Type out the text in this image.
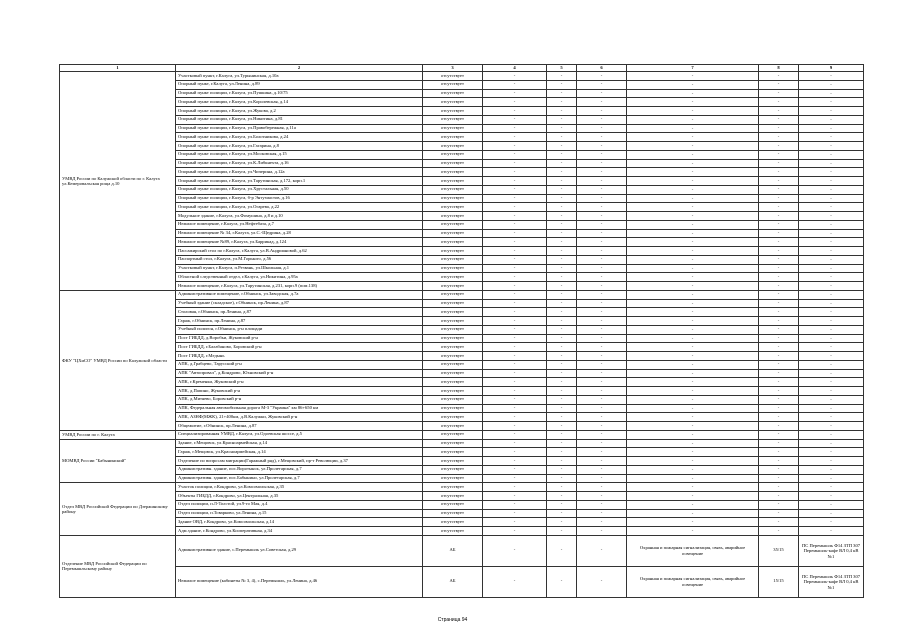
1	2	3	4	5	6	7	8	9
УМВД России по Калужской области по г. Калуга ул.Кемеровальская роща д.10	Участковый пункт, г.Калуга, ул.Турынинская, д.10а	отсутствует	-	-	-	-	-	-
	Опорный пункт, г.Калуга, ул.Ленина, д.89	отсутствует	-	-	-	-	-	-
	Опорный пункт полиции, г.Калуга, ул.Пушкина, д.10/75	отсутствует	-	-	-	-	-	-
	Опорный пункт полиции, г.Калуга, ул.Королевская, д.14	отсутствует	-	-	-	-	-	-
	Опорный пункт полиции, г.Калуга, ул.Жукова, д.2	отсутствует	-	-	-	-	-	-
	Опорный пункт полиции, г.Калуга, ул.Никитина, д.81	отсутствует	-	-	-	-	-	-
	Опорный пункт полиции, г.Калуга, ул.Правобережная, д.11а	отсутствует	-	-	-	-	-	-
	Опорный пункт полиции, г.Калуга, ул.Болотникова, д.24	отсутствует	-	-	-	-	-	-
	Опорный пункт полиции, г.Калуга, ул.Гагарина, д.8	отсутствует	-	-	-	-	-	-
	Опорный пункт полиции, г.Калуга, ул.Московская, д.15	отсутствует	-	-	-	-	-	-
	Опорный пункт полиции, г.Калуга, ул.К.Либкнехта, д.16	отсутствует	-	-	-	-	-	-
	Опорный пункт полиции, г.Калуга, ул.Чичерина, д.12а	отсутствует	-	-	-	-	-	-
	Опорный пункт полиции, г.Калуга, ул.Тарутинская, д.172, корп.1	отсутствует	-	-	-	-	-	-
	Опорный пункт полиции, г.Калуга, ул.Хрустальная, д.50	отсутствует	-	-	-	-	-	-
	Опорный пункт полиции, г.Калуга, б-р Энтузиастов, д.16	отсутствует	-	-	-	-	-	-
	Опорный пункт полиции, г.Калуга, ул.Огарева, д.22	отсутствует	-	-	-	-	-	-
	Модульное здание, г.Калуга, ул.Фомушина, д.8 и д.10	отсутствует	-	-	-	-	-	-
	Нежилое помещение, г.Калуга, ул.Нефтебаза, д.7	отсутствует	-	-	-	-	-	-
	Нежилое помещение № 34, г.Калуга, ул.С.-Щедрина, д.28	отсутствует	-	-	-	-	-	-
	Нежилое помещение №89, г.Калуга, ул.Баррикад, д.124	отсутствует	-	-	-	-	-	-
	Пассажирский стол по г.Калуга, г.Калуга, ул.В.Андриановой, д.62	отсутствует	-	-	-	-	-	-
	Паспортный стол, г.Калуга, ул.М.Горького, д.56	отсутствует	-	-	-	-	-	-
	Участковый пункт, г.Калуга, п.Резвань, ул.Школьная, д.1	отсутствует	-	-	-	-	-	-
	Областной следственный отдел, г.Калуга, ул.Никитина, д.95а	отсутствует	-	-	-	-	-	-
	Нежилое помещение, г.Калуга, ул.Тарутинская, д.231, корп.9 (пом.138)	отсутствует	-	-	-	-	-	-
ФКУ "ЦХиСО" УМВД России по Калужской области	Административное помещение, г.Обнинск, ул.Заводская, д.7а	отсутствует	-	-	-	-	-	-
	Учебный здание (складское), г.Обнинск, пр.Ленина, д.87	отсутствует	-	-	-	-	-	-
	Столовая, г.Обнинск, пр.Ленина, д.87	отсутствует	-	-	-	-	-	-
	Гараж, г.Обнинск, пр.Ленина, д.87	отсутствует	-	-	-	-	-	-
	Учебный полигон, г.Обнинск, р-н площади	отсутствует	-	-	-	-	-	-
	Пост ГИБДД, д.Воробьи, Жуковский р-н	отсутствует	-	-	-	-	-	-
	Пост ГИБДД, г.Балабаново, Боровский р-н	отсутствует	-	-	-	-	-	-
	Пост ГИБДД, г.Медынь	отсутствует	-	-	-	-	-	-
	АПК, д.Грабцево, Тарусский р-н	отсутствует	-	-	-	-	-	-
	АПК "Автопровал", д.Кондрово, Юхновский р-н	отсутствует	-	-	-	-	-	-
	АПК, г.Кременки, Жуковский р-н	отсутствует	-	-	-	-	-	-
	АПК, д.Папино, Жуковский р-н	отсутствует	-	-	-	-	-	-
	АПК, д.Митяево, Боровский р-н	отсутствует	-	-	-	-	-	-
	АПК, Федеральная автомобильная дорога М-3 "Украина" км 86+650 км	отсутствует	-	-	-	-	-	-
	АПК, АЗНФ(МЖК), 21+400км, д.В.Калужки, Жуковский р-н	отсутствует	-	-	-	-	-	-
	Общежитие, г.Обнинск, пр.Ленина, д.87	отсутствует	-	-	-	-	-	-
УМВД России по г. Калуга	Специализированная УМВД, г.Калуга, ул.Одоевская шоссе, д.5	отсутствует	-	-	-	-	-	-
МОМВД России "Бабынинский"	Здание, г.Мещовск, ул.Красноармейская, д.14	отсутствует	-	-	-	-	-	-
	Гараж, г.Мещовск, ул.Красноармейская, д.14	отсутствует	-	-	-	-	-	-
	Отделение по вопросам миграции(Гаражный ряд), г.Мещовский, пр-т Революции, д.37	отсутствует	-	-	-	-	-	-
	Административн. здание, пос.Воротынск, ул.Пролетарская, д.7	отсутствует	-	-	-	-	-	-
	Административн. здание, пос.Бабынино, ул.Пролетарская, д.7	отсутствует	-	-	-	-	-	-
Отдел МВД Российской Федерации по Дзержинскому району	Участок полиции, г.Кондрово, ул.Комсомольская, д.35	отсутствует	-	-	-	-	-	-
	Объекты ГИБДД, г.Кондрово, ул.Центральная, д.35	отсутствует	-	-	-	-	-	-
	Отдел полиции, п.Л-Толстой, ул.9-го Мая, д.4	отсутствует	-	-	-	-	-	-
	Отдел полиции, п.Товарково, ул.Ленина, д.15	отсутствует	-	-	-	-	-	-
	Здание ОВД, г.Кондрово, ул.Комсомольская, д.14	отсутствует	-	-	-	-	-	-
	Адм.здание, г.Кондрово, ул.Кооперативная, д.34	отсутствует	-	-	-	-	-	-
Отделение МВД Российской Федерации по Перемышльскому району	Административное здание, с.Перемышль ул.Советская, д.29	АБ	-	-	-	Охранная и пожарная сигнализация, связь, аварийное освещение	35/15	ПС Перемышль Ф14 ЗТП 307 Перемышль-кафе ВЛ 0,4 кВ №1
	Нежилое помещение (кабинеты № 3, 4), с.Перемышль, ул.Ленина, д.46	АБ	-	-	-	Охранная и пожарная сигнализация, связь, аварийное освещение	15/15	ПС Перемышль Ф14 ЗТП 307 Перемышль-кафе ВЛ 0,4 кВ №1
Страница 94
